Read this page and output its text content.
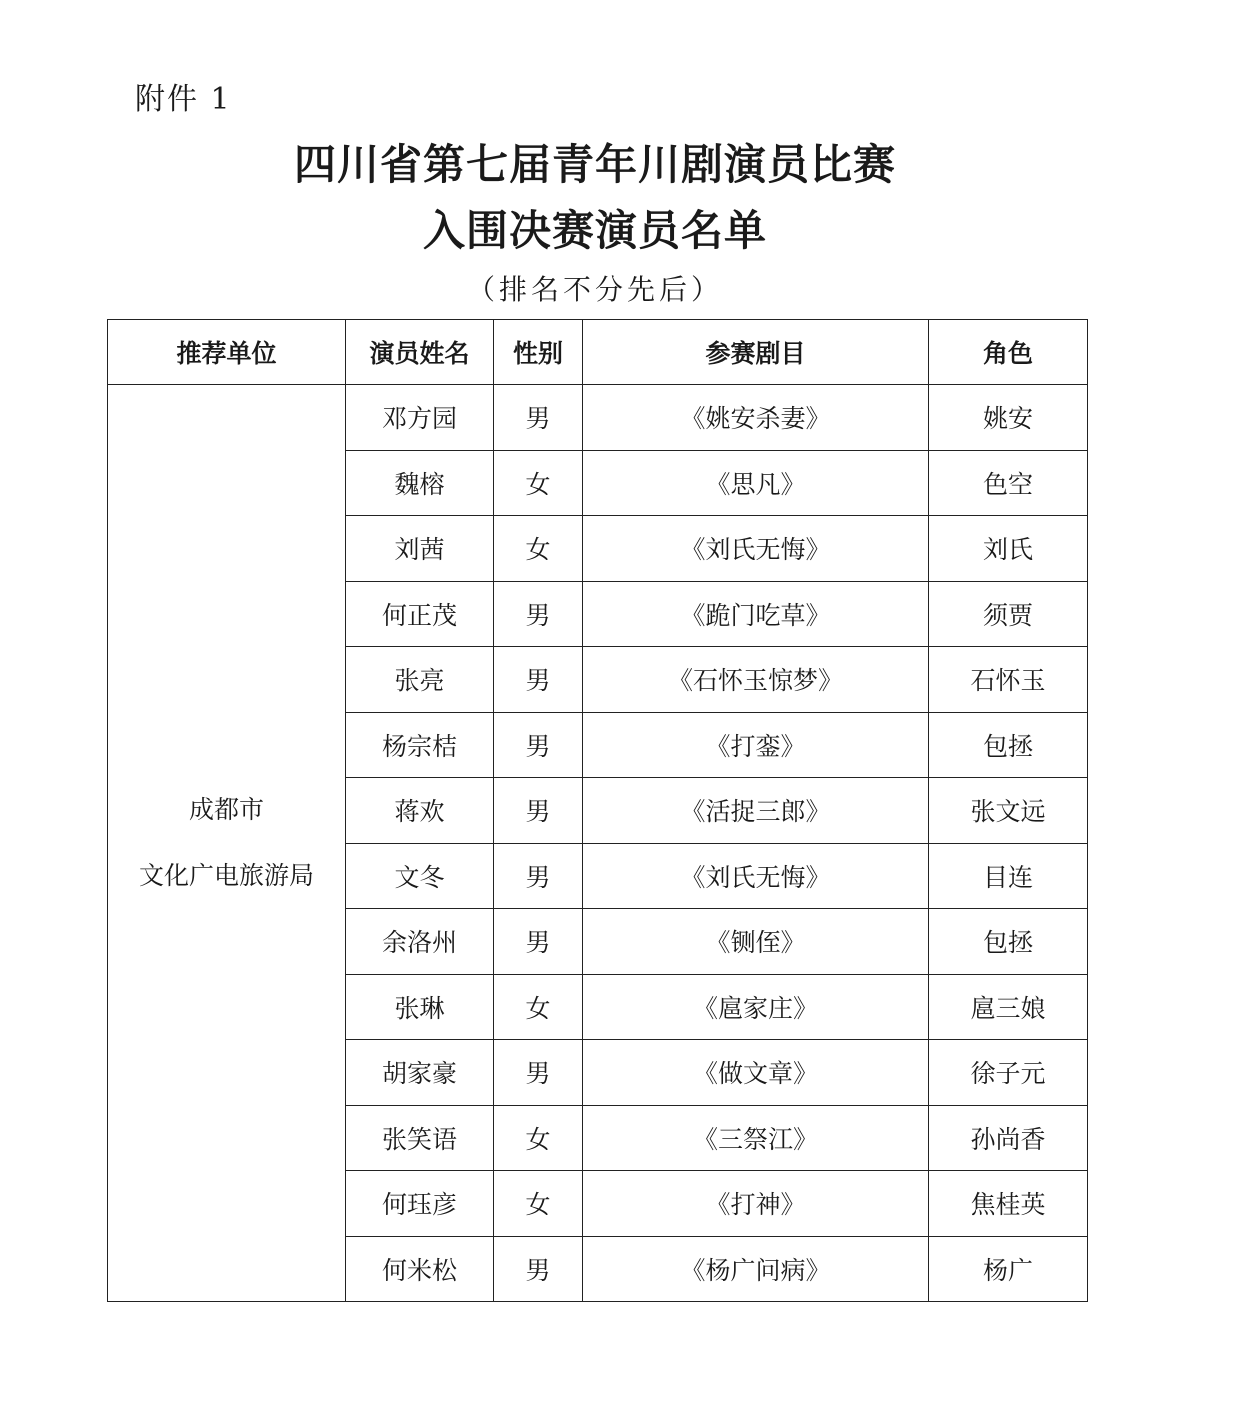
附件 1
四川省第七届青年川剧演员比赛
入围决赛演员名单
（排名不分先后）
推荐单位	演员姓名	性别	参赛剧目	角色

成都市
文化广电旅游局	邓方园	男	《姚安杀妻》	姚安
	魏榕	女	《思凡》	色空
	刘茜	女	《刘氏无悔》	刘氏
	何正茂	男	《跪门吃草》	须贾
	张亮	男	《石怀玉惊梦》	石怀玉
	杨宗桔	男	《打銮》	包拯
	蒋欢	男	《活捉三郎》	张文远
	文冬	男	《刘氏无悔》	目连
	余洛州	男	《铡侄》	包拯
	张琳	女	《扈家庄》	扈三娘
	胡家豪	男	《做文章》	徐子元
	张笑语	女	《三祭江》	孙尚香
	何珏彦	女	《打神》	焦桂英
	何米松	男	《杨广问病》	杨广
